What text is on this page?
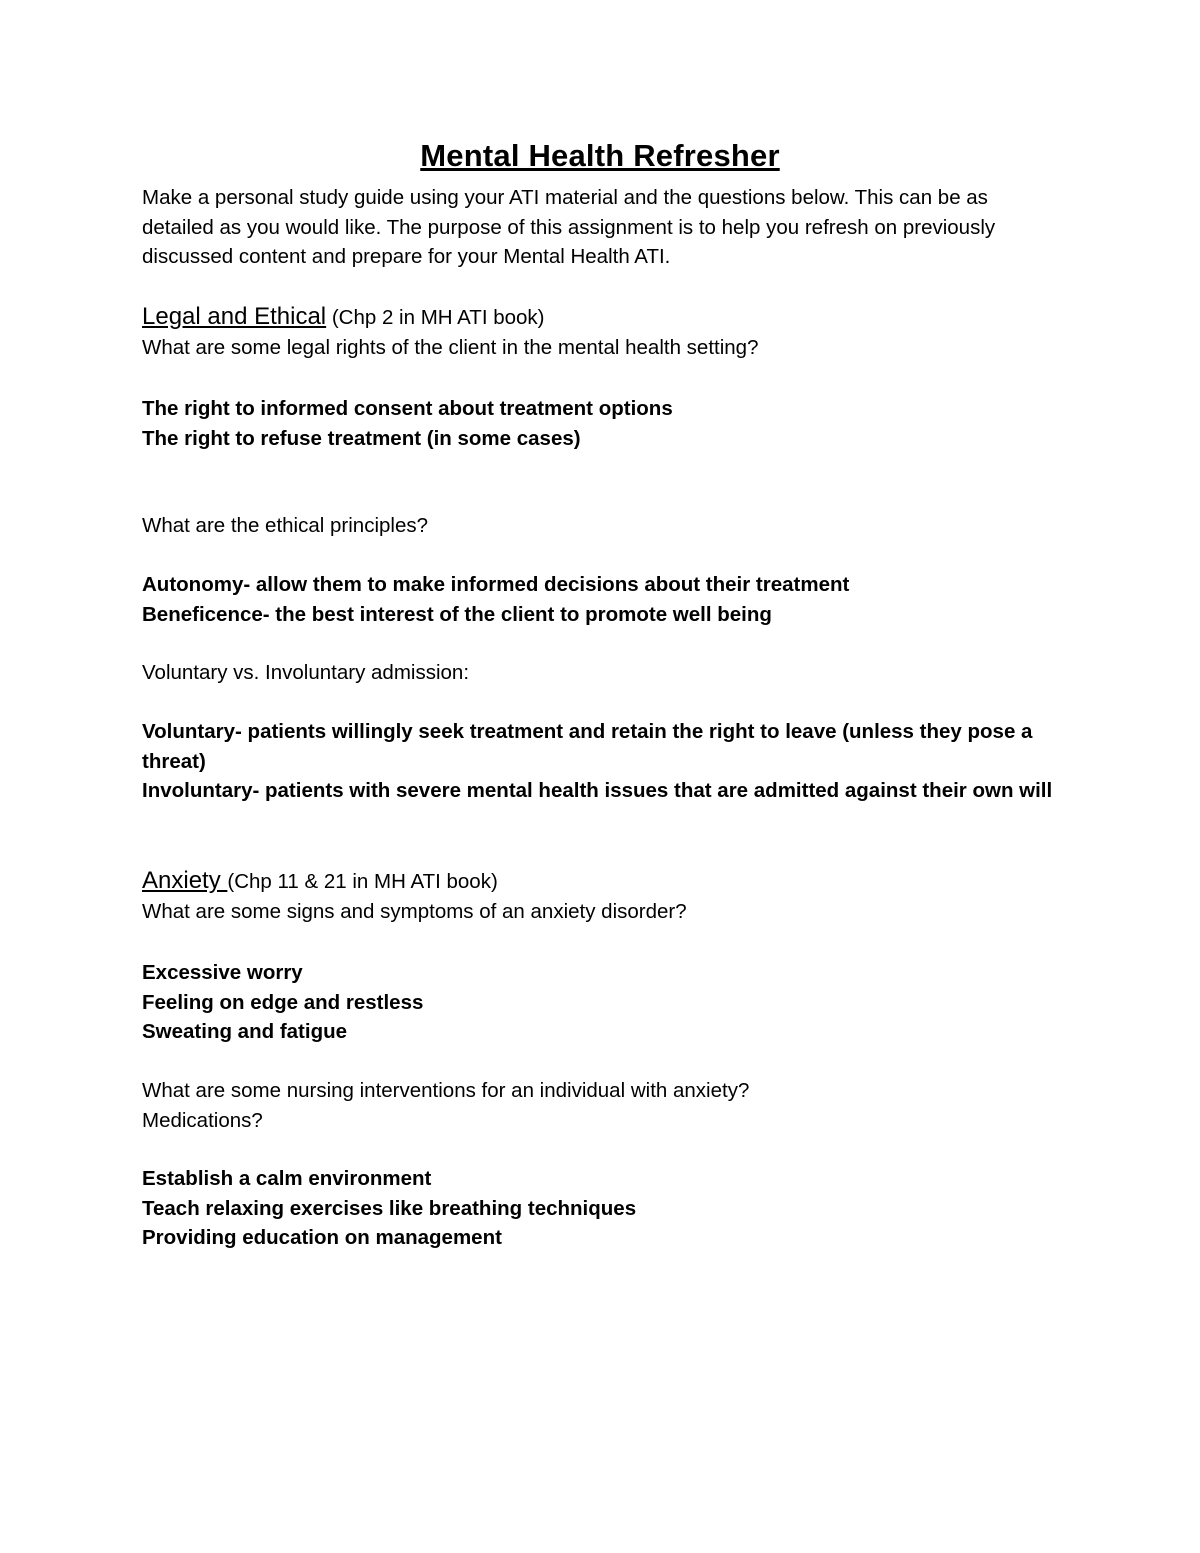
Mental Health Refresher
Make a personal study guide using your ATI material and the questions below. This can be as detailed as you would like. The purpose of this assignment is to help you refresh on previously discussed content and prepare for your Mental Health ATI.
Legal and Ethical (Chp 2 in MH ATI book)
What are some legal rights of the client in the mental health setting?
The right to informed consent about treatment options
The right to refuse treatment (in some cases)
What are the ethical principles?
Autonomy- allow them to make informed decisions about their treatment
Beneficence- the best interest of the client to promote well being
Voluntary vs. Involuntary admission:
Voluntary- patients willingly seek treatment and retain the right to leave (unless they pose a threat)
Involuntary- patients with severe mental health issues that are admitted against their own will
Anxiety (Chp 11 & 21 in MH ATI book)
What are some signs and symptoms of an anxiety disorder?
Excessive worry
Feeling on edge and restless
Sweating and fatigue
What are some nursing interventions for an individual with anxiety?
Medications?
Establish a calm environment
Teach relaxing exercises like breathing techniques
Providing education on management
